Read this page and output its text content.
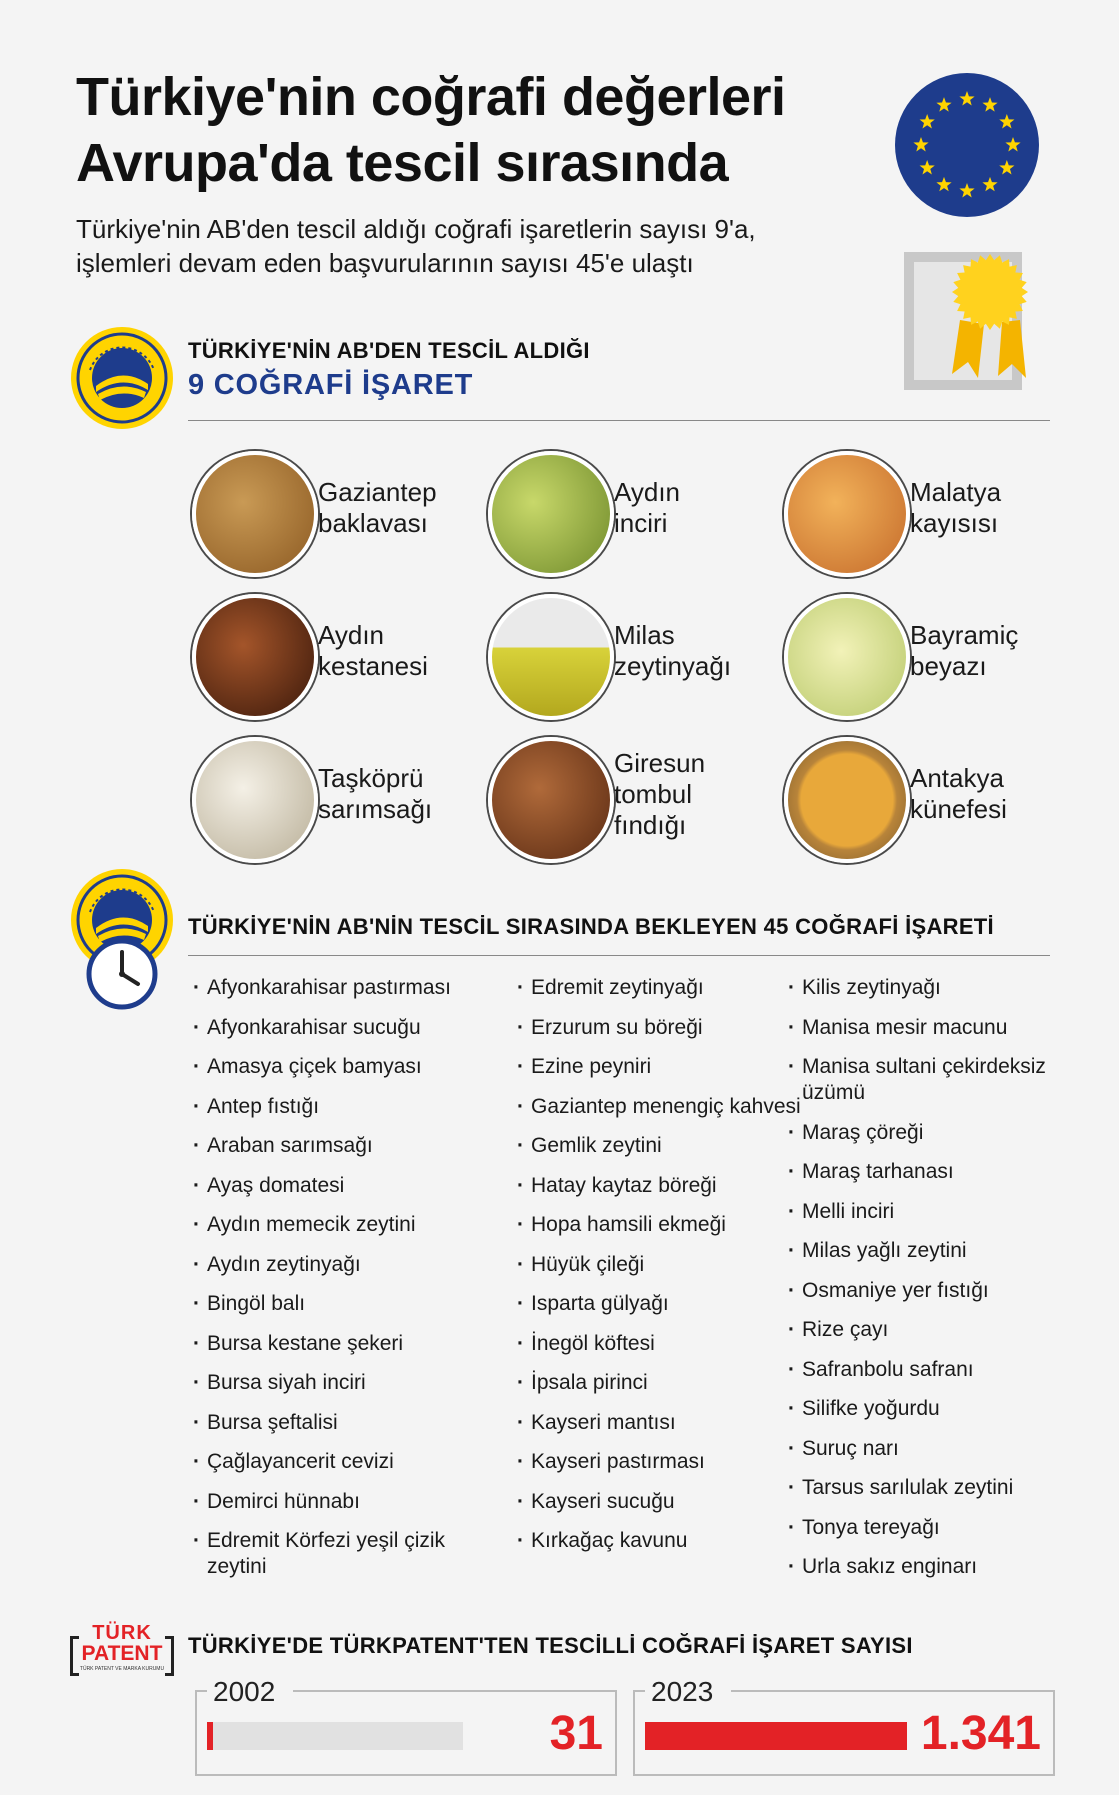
Türkiye'nin coğrafi değerleri
Avrupa'da tescil sırasında
Türkiye'nin AB'den tescil aldığı coğrafi işaretlerin sayısı 9'a,
işlemleri devam eden başvurularının sayısı 45'e ulaştı
TÜRKİYE'NİN AB'DEN TESCİL ALDIĞI
9 COĞRAFİ İŞARET
Gaziantep
baklavası
Aydın
inciri
Malatya
kayısısı
Aydın
kestanesi
Milas
zeytinyağı
Bayramiç
beyazı
Taşköprü
sarımsağı
Giresun
tombul
fındığı
Antakya
künefesi
TÜRKİYE'NİN AB'NİN TESCİL SIRASINDA BEKLEYEN 45 COĞRAFİ İŞARETİ
· Afyonkarahisar pastırması
· Afyonkarahisar sucuğu
· Amasya çiçek bamyası
· Antep fıstığı
· Araban sarımsağı
· Ayaş domatesi
· Aydın memecik zeytini
· Aydın zeytinyağı
· Bingöl balı
· Bursa kestane şekeri
· Bursa siyah inciri
· Bursa şeftalisi
· Çağlayancerit cevizi
· Demirci hünnabı
· Edremit Körfezi yeşil çizik zeytini
· Edremit zeytinyağı
· Erzurum su böreği
· Ezine peyniri
· Gaziantep menengiç kahvesi
· Gemlik zeytini
· Hatay kaytaz böreği
· Hopa hamsili ekmeği
· Hüyük çileği
· Isparta gülyağı
· İnegöl köftesi
· İpsala pirinci
· Kayseri mantısı
· Kayseri pastırması
· Kayseri sucuğu
· Kırkağaç kavunu
· Kilis zeytinyağı
· Manisa mesir macunu
· Manisa sultani çekirdeksiz üzümü
· Maraş çöreği
· Maraş tarhanası
· Melli inciri
· Milas yağlı zeytini
· Osmaniye yer fıstığı
· Rize çayı
· Safranbolu safranı
· Silifke yoğurdu
· Suruç narı
· Tarsus sarılulak zeytini
· Tonya tereyağı
· Urla sakız enginarı
TÜRK
PATENT
TÜRK PATENT VE MARKA KURUMU
TÜRKİYE'DE TÜRKPATENT'TEN TESCİLLİ COĞRAFİ İŞARET SAYISI
2002
31
2023
1.341
